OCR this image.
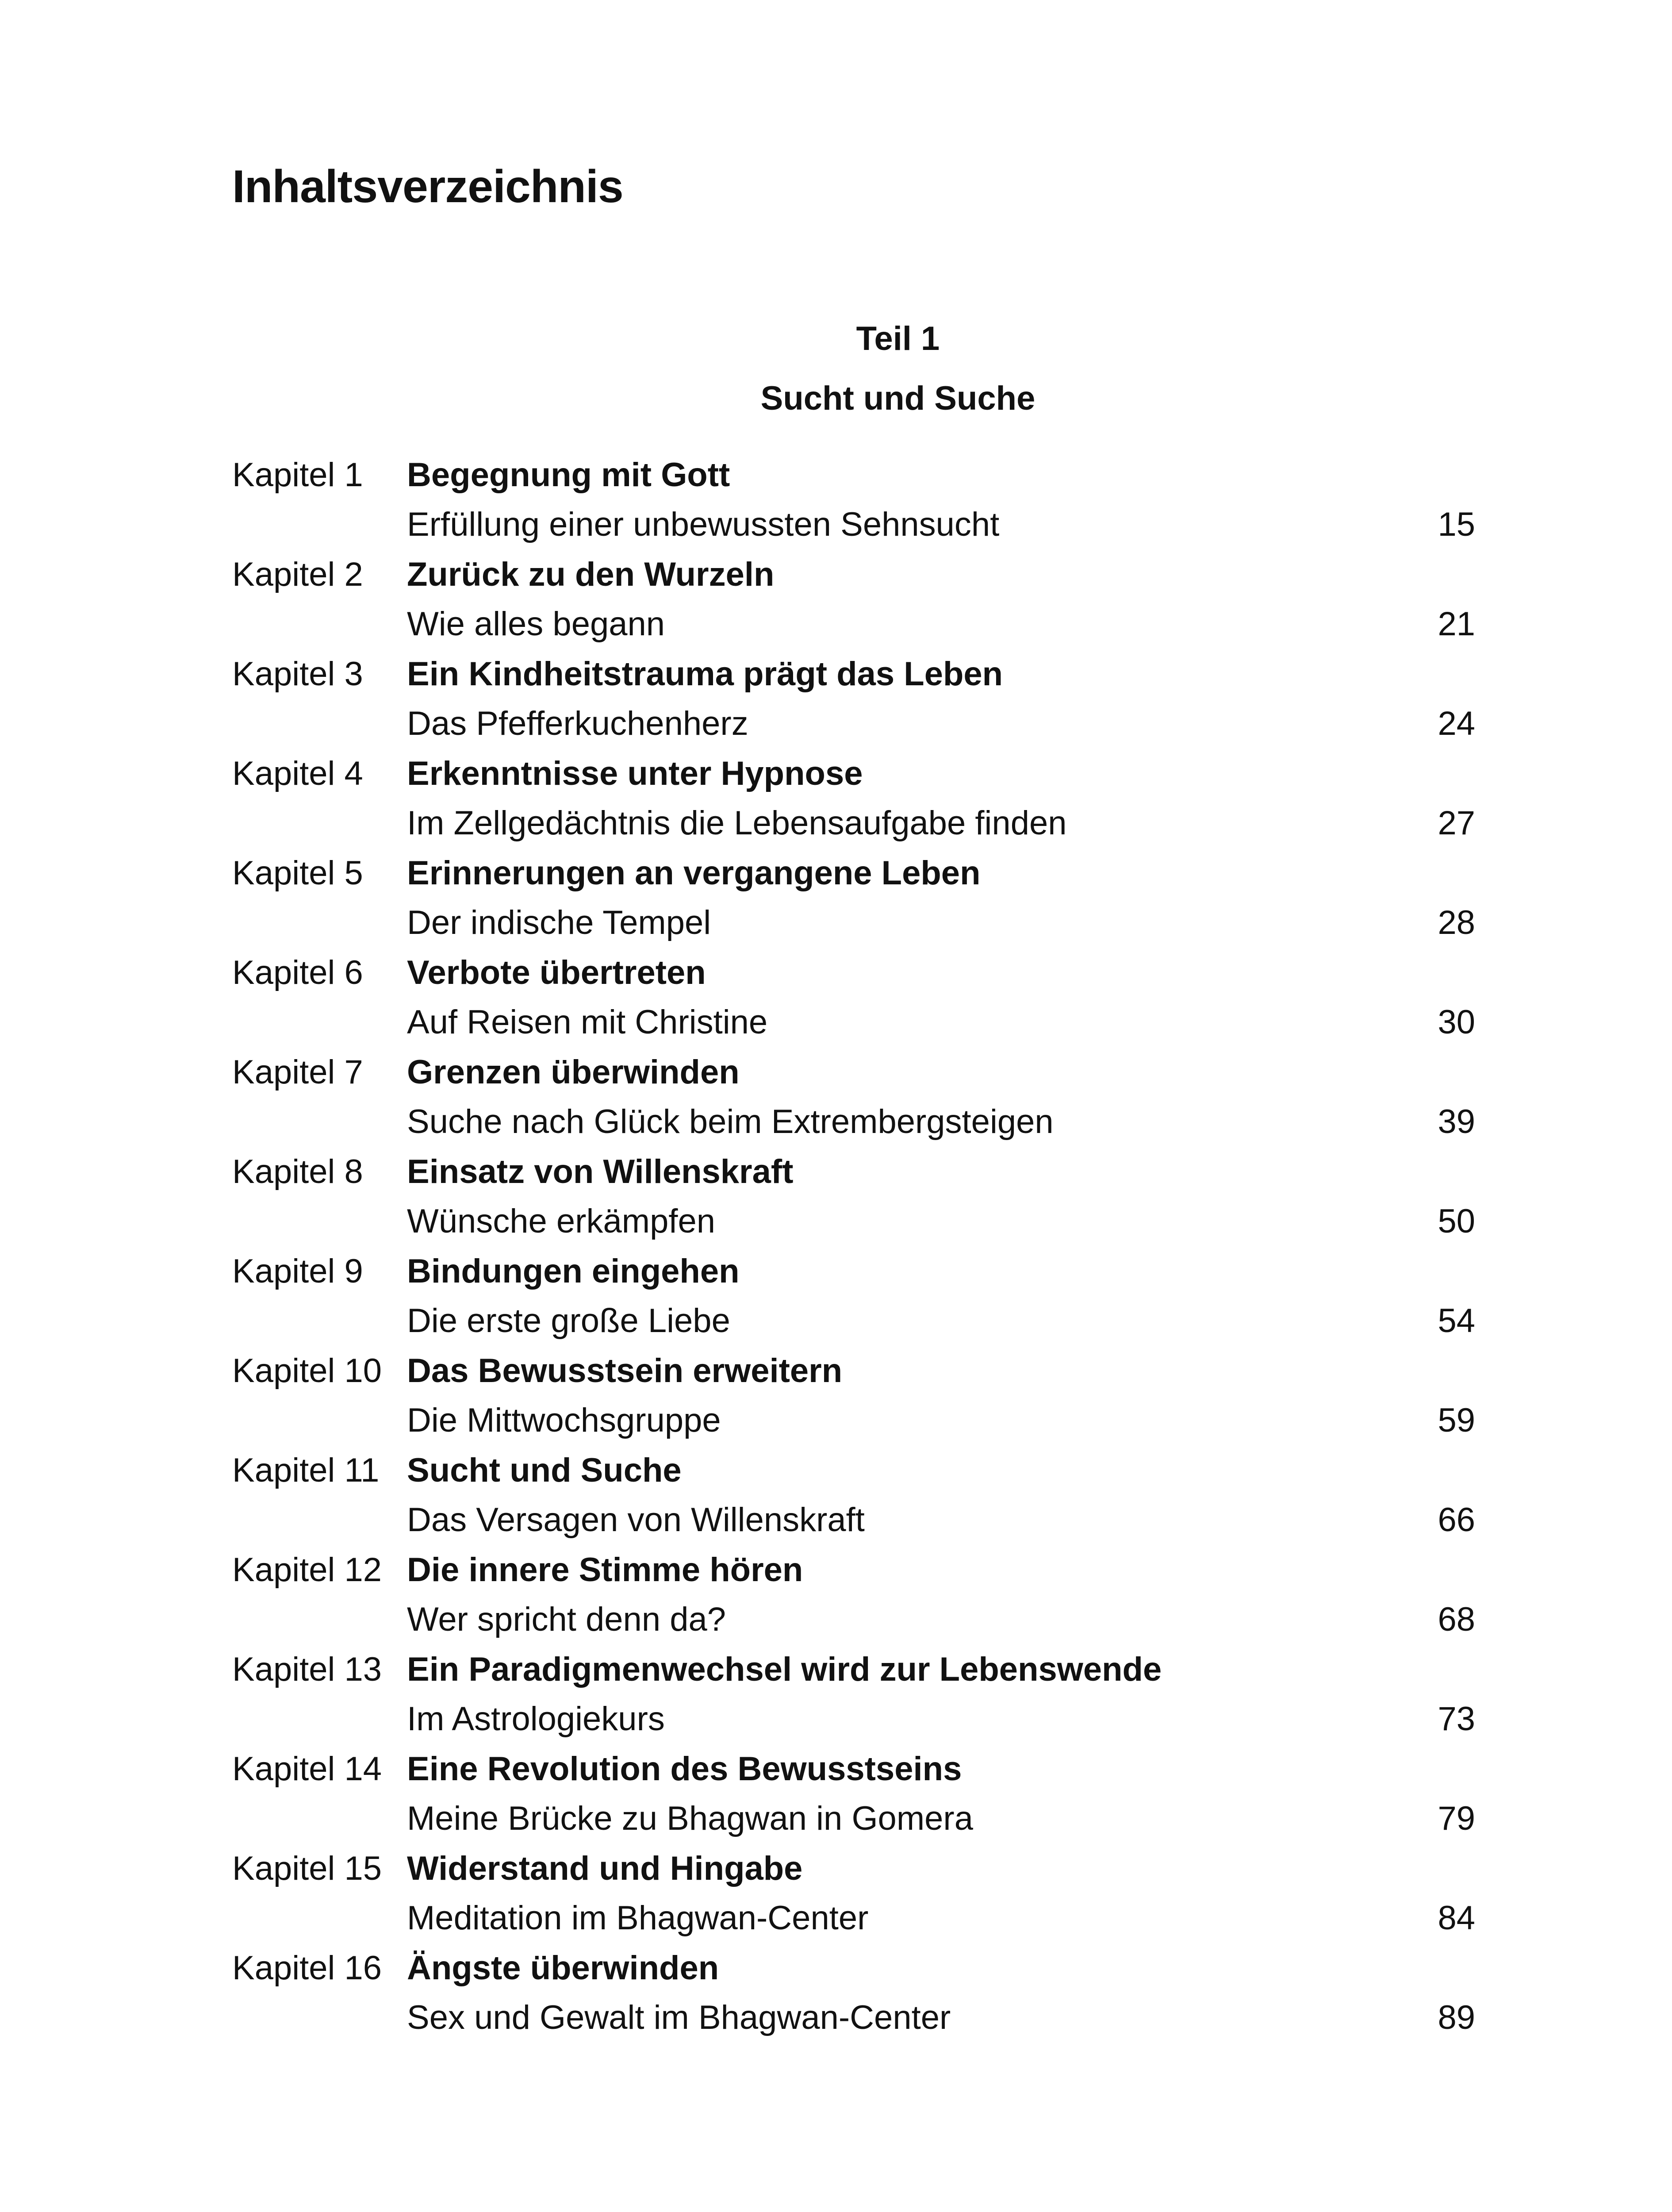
Inhaltsverzeichnis
Teil 1
Sucht und Suche
Kapitel 1 Begegnung mit Gott
Erfüllung einer unbewussten Sehnsucht	15
Kapitel 2 Zurück zu den Wurzeln
Wie alles begann	21
Kapitel 3 Ein Kindheitstrauma prägt das Leben
Das Pfefferkuchenherz	24
Kapitel 4 Erkenntnisse unter Hypnose
Im Zellgedächtnis die Lebensaufgabe finden	27
Kapitel 5 Erinnerungen an vergangene Leben
Der indische Tempel	28
Kapitel 6 Verbote übertreten
Auf Reisen mit Christine	30
Kapitel 7 Grenzen überwinden
Suche nach Glück beim Extrembergsteigen	39
Kapitel 8 Einsatz von Willenskraft
Wünsche erkämpfen	50
Kapitel 9 Bindungen eingehen
Die erste große Liebe	54
Kapitel 10 Das Bewusstsein erweitern
Die Mittwochsgruppe	59
Kapitel 11 Sucht und Suche
Das Versagen von Willenskraft	66
Kapitel 12 Die innere Stimme hören
Wer spricht denn da?	68
Kapitel 13 Ein Paradigmenwechsel wird zur Lebenswende
Im Astrologiekurs	73
Kapitel 14 Eine Revolution des Bewusstseins
Meine Brücke zu Bhagwan in Gomera	79
Kapitel 15 Widerstand und Hingabe
Meditation im Bhagwan-Center	84
Kapitel 16 Ängste überwinden
Sex und Gewalt im Bhagwan-Center	89
